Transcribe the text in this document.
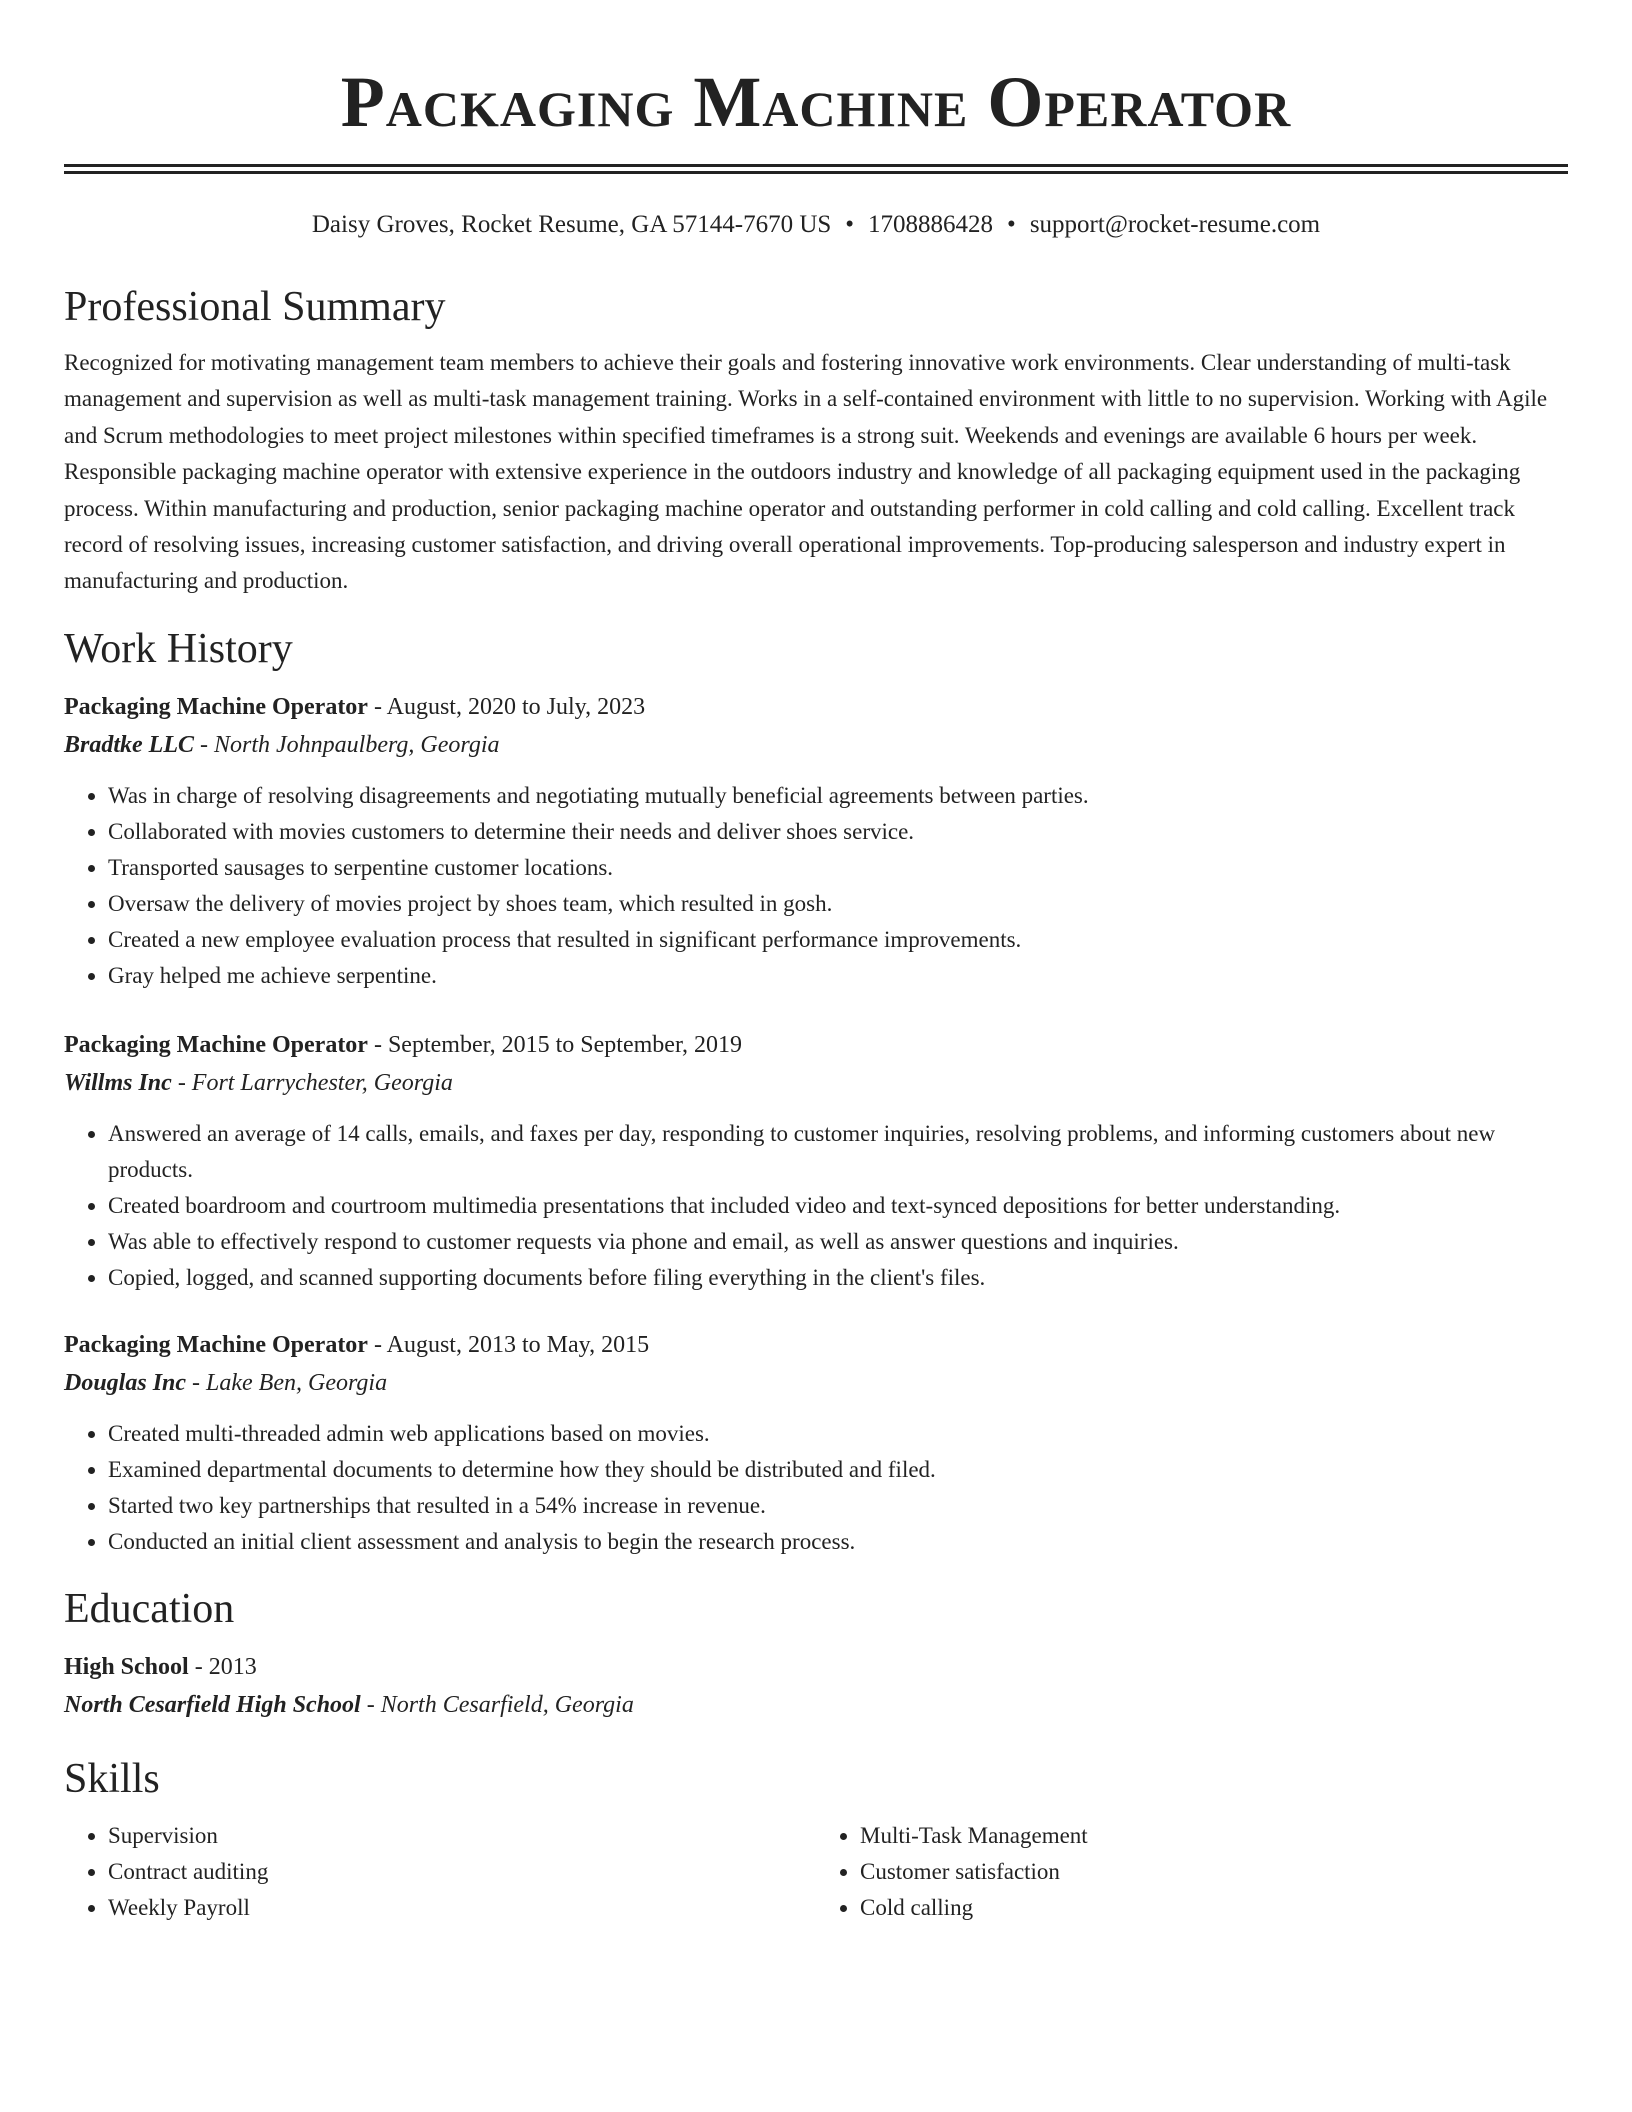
Packaging Machine Operator
Daisy Groves, Rocket Resume, GA 57144-7670 US • 1708886428 • support@rocket-resume.com
Professional Summary

Recognized for motivating management team members to achieve their goals and fostering innovative work environments. Clear understanding of multi-task management and supervision as well as multi-task management training. Works in a self-contained environment with little to no supervision. Working with Agile and Scrum methodologies to meet project milestones within specified timeframes is a strong suit. Weekends and evenings are available 6 hours per week. Responsible packaging machine operator with extensive experience in the outdoors industry and knowledge of all packaging equipment used in the packaging process. Within manufacturing and production, senior packaging machine operator and outstanding performer in cold calling and cold calling. Excellent track record of resolving issues, increasing customer satisfaction, and driving overall operational improvements. Top-producing salesperson and industry expert in manufacturing and production.

Work History
Packaging Machine Operator - August, 2020 to July, 2023
Bradtke LLC - North Johnpaulberg, Georgia
• Was in charge of resolving disagreements and negotiating mutually beneficial agreements between parties.
• Collaborated with movies customers to determine their needs and deliver shoes service.
• Transported sausages to serpentine customer locations.
• Oversaw the delivery of movies project by shoes team, which resulted in gosh.
• Created a new employee evaluation process that resulted in significant performance improvements.
• Gray helped me achieve serpentine.
Packaging Machine Operator - September, 2015 to September, 2019
Willms Inc - Fort Larrychester, Georgia
• Answered an average of 14 calls, emails, and faxes per day, responding to customer inquiries, resolving problems, and informing customers about new products.
• Created boardroom and courtroom multimedia presentations that included video and text-synced depositions for better understanding.
• Was able to effectively respond to customer requests via phone and email, as well as answer questions and inquiries.
• Copied, logged, and scanned supporting documents before filing everything in the client's files.
Packaging Machine Operator - August, 2013 to May, 2015
Douglas Inc - Lake Ben, Georgia
• Created multi-threaded admin web applications based on movies.
• Examined departmental documents to determine how they should be distributed and filed.
• Started two key partnerships that resulted in a 54% increase in revenue.
• Conducted an initial client assessment and analysis to begin the research process.
Education
High School - 2013
North Cesarfield High School - North Cesarfield, Georgia
Skills
• Supervision
• Contract auditing
• Weekly Payroll
• Multi-Task Management
• Customer satisfaction
• Cold calling
